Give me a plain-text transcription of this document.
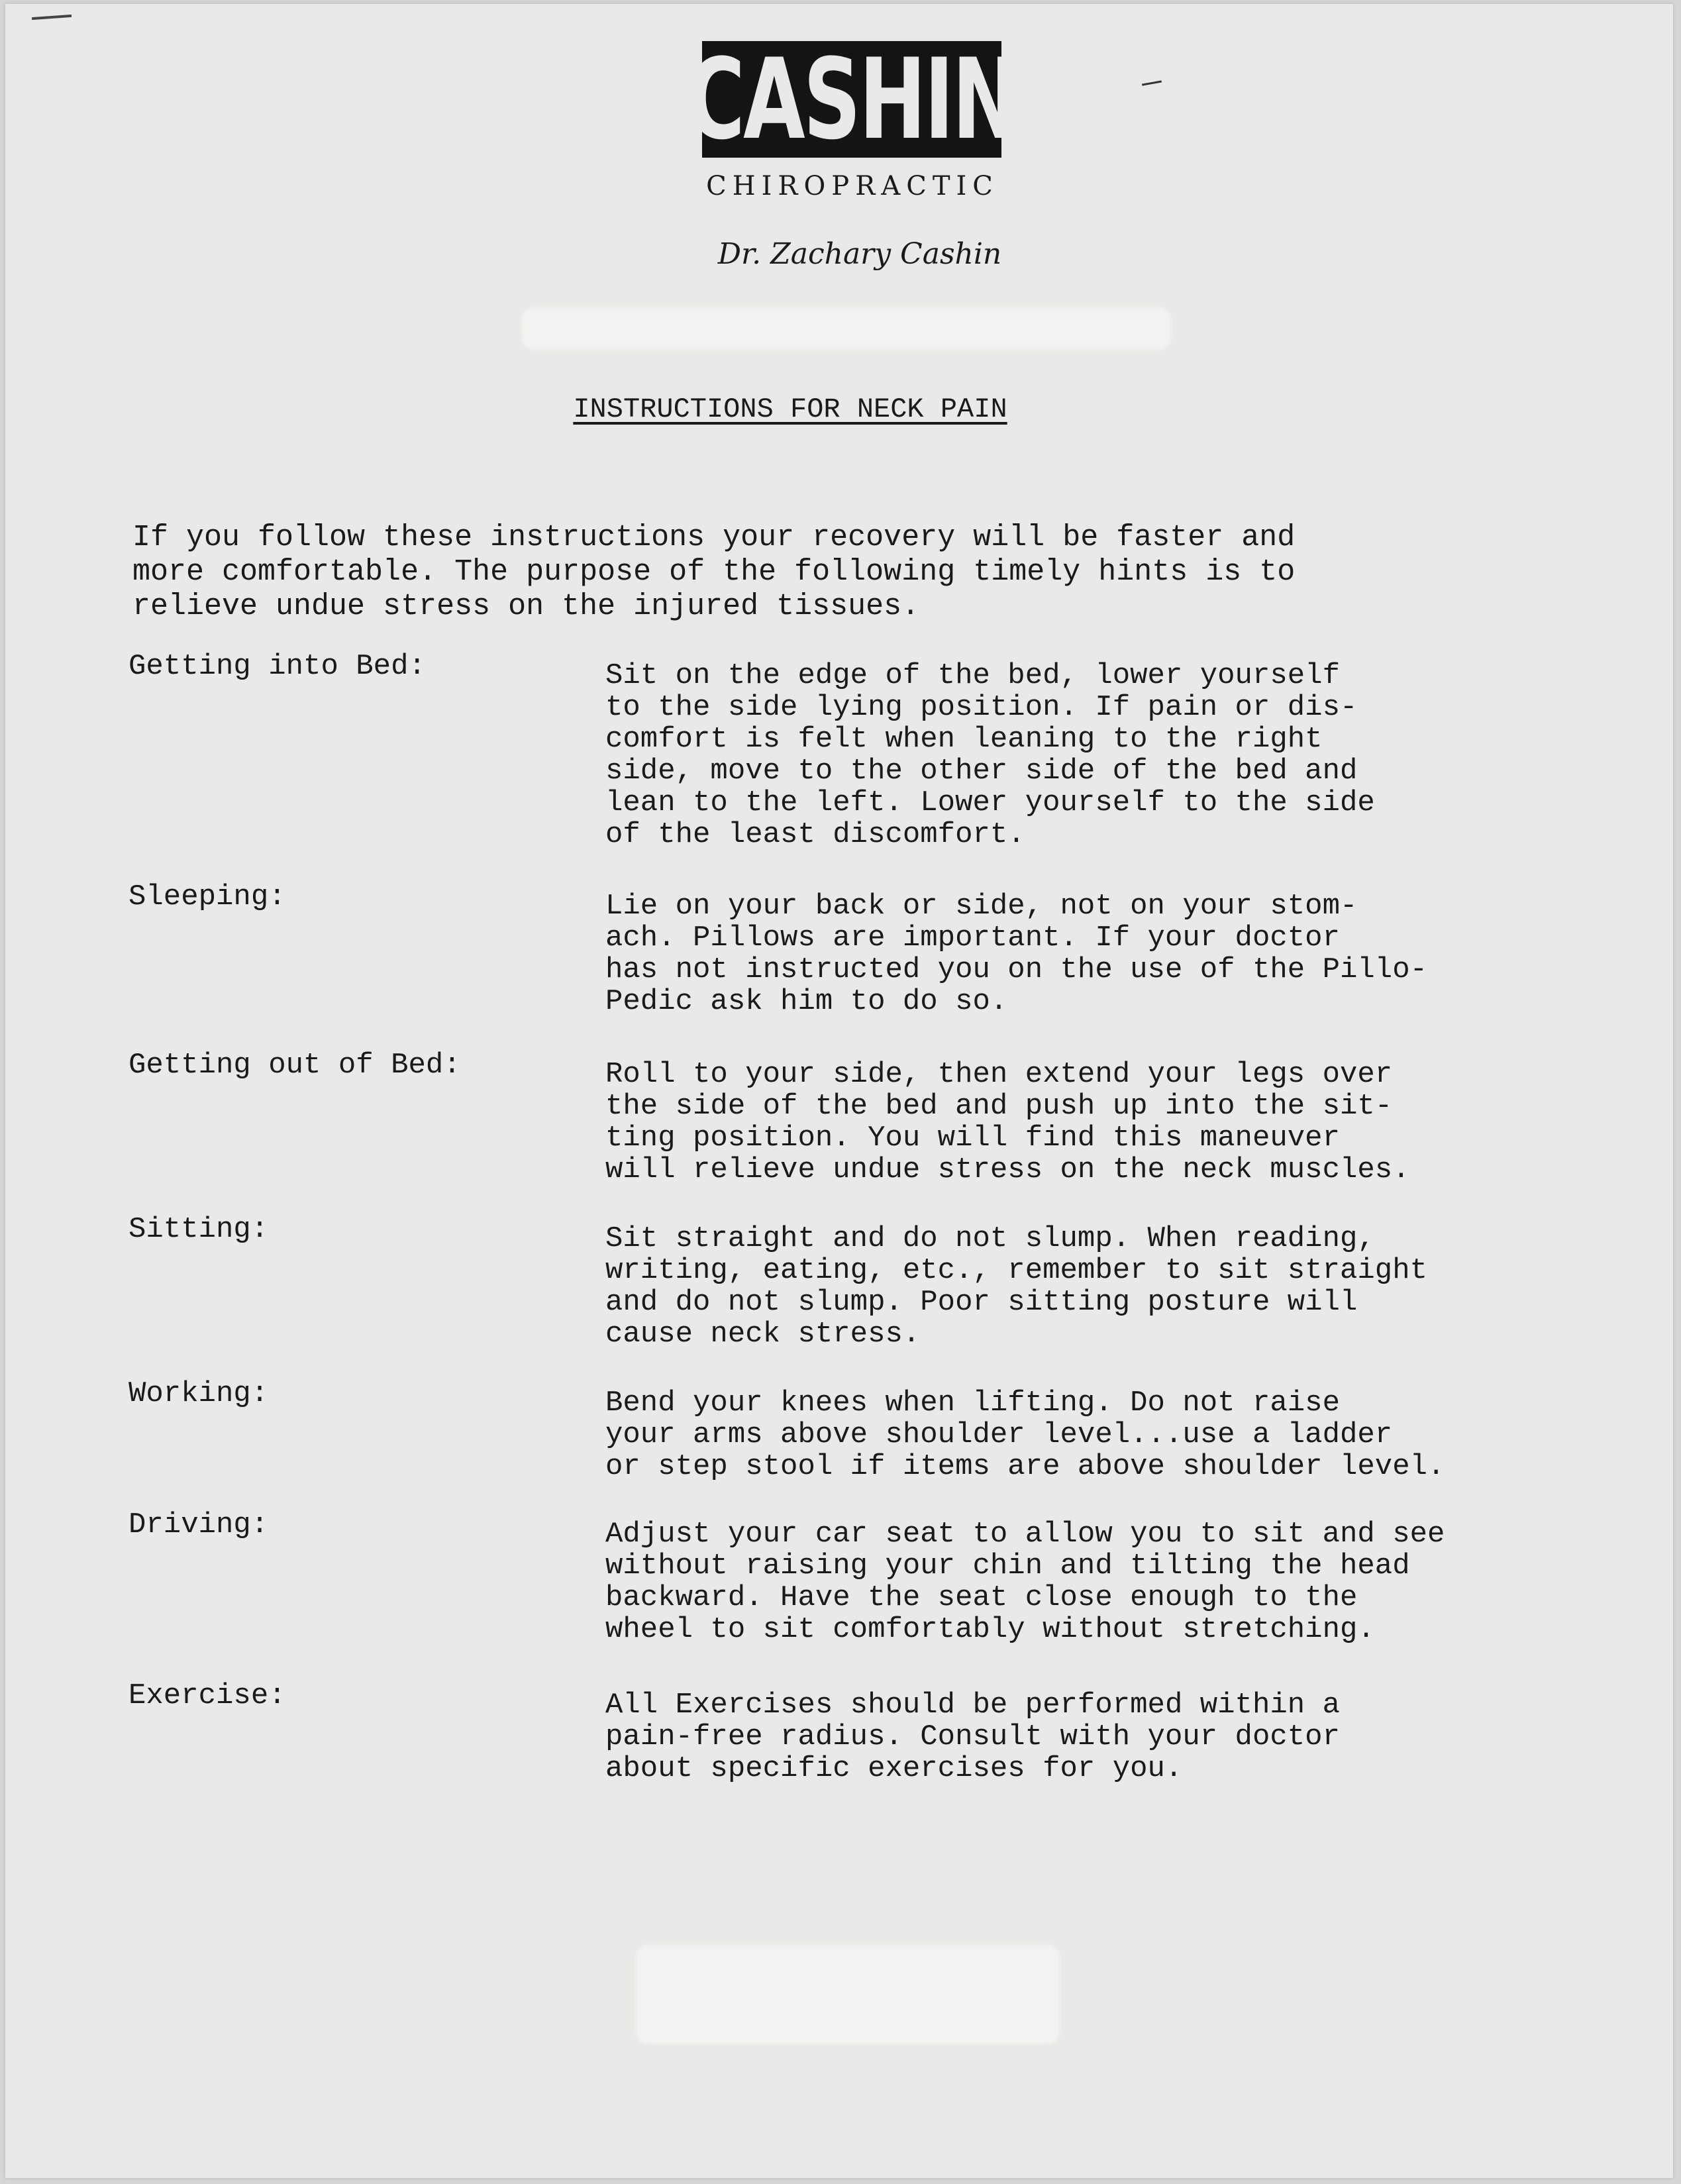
CASHIN
CHIROPRACTIC
Dr. Zachary Cashin
INSTRUCTIONS FOR NECK PAIN
If you follow these instructions your recovery will be faster and
more comfortable. The purpose of the following timely hints is to
relieve undue stress on the injured tissues.
Getting into Bed:	Sit on the edge of the bed, lower yourself
to the side lying position. If pain or dis-
comfort is felt when leaning to the right
side, move to the other side of the bed and
lean to the left. Lower yourself to the side
of the least discomfort.
Sleeping:	Lie on your back or side, not on your stom-
ach. Pillows are important. If your doctor
has not instructed you on the use of the Pillo-
Pedic ask him to do so.
Getting out of Bed:	Roll to your side, then extend your legs over
the side of the bed and push up into the sit-
ting position. You will find this maneuver
will relieve undue stress on the neck muscles.
Sitting:	Sit straight and do not slump. When reading,
writing, eating, etc., remember to sit straight
and do not slump. Poor sitting posture will
cause neck stress.
Working:	Bend your knees when lifting. Do not raise
your arms above shoulder level...use a ladder
or step stool if items are above shoulder level.
Driving:	Adjust your car seat to allow you to sit and see
without raising your chin and tilting the head
backward. Have the seat close enough to the
wheel to sit comfortably without stretching.
Exercise:	All Exercises should be performed within a
pain-free radius. Consult with your doctor
about specific exercises for you.
